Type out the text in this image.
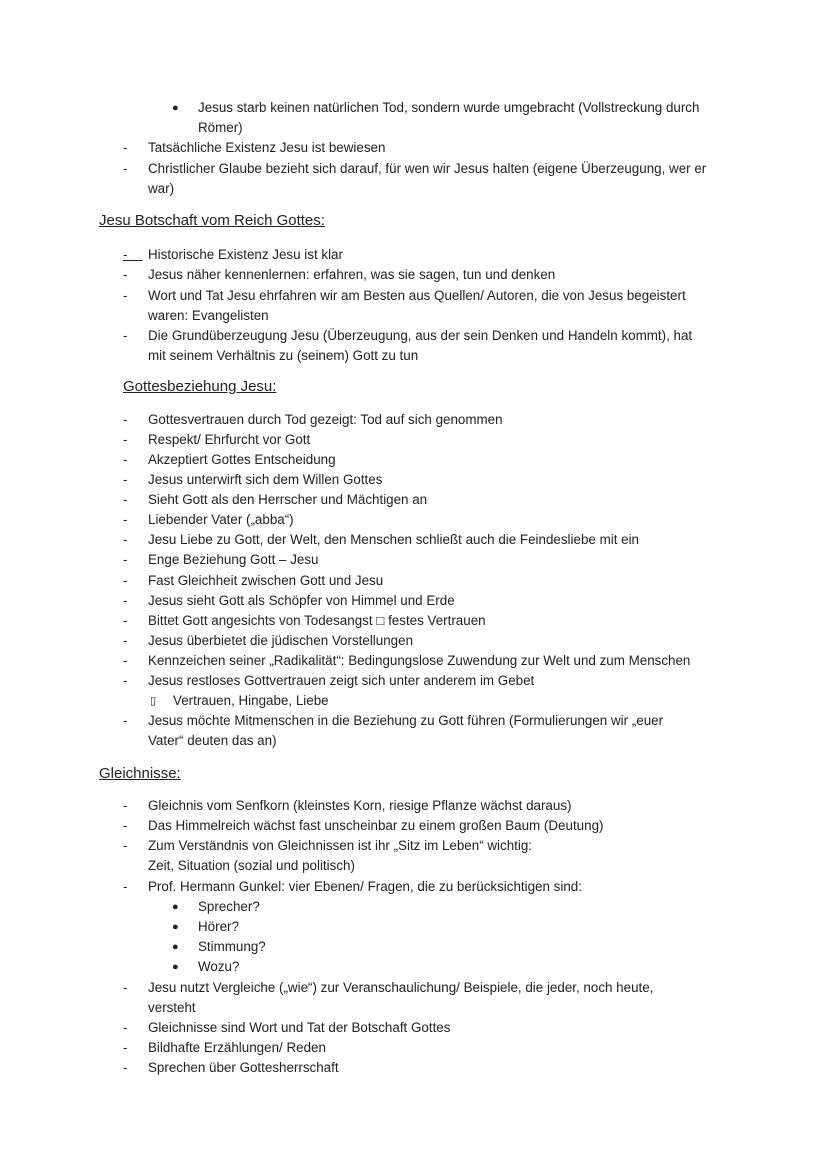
● Jesus starb keinen natürlichen Tod, sondern wurde umgebracht (Vollstreckung durch
Römer)
- Tatsächliche Existenz Jesu ist bewiesen
- Christlicher Glaube bezieht sich darauf, für wen wir Jesus halten (eigene Überzeugung, wer er
war)
Jesu Botschaft vom Reich Gottes:
-	Historische Existenz Jesu ist klar
- Jesus näher kennenlernen: erfahren, was sie sagen, tun und denken
- Wort und Tat Jesu ehrfahren wir am Besten aus Quellen/ Autoren, die von Jesus begeistert
waren: Evangelisten
- Die Grundüberzeugung Jesu (Überzeugung, aus der sein Denken und Handeln kommt), hat
mit seinem Verhältnis zu (seinem) Gott zu tun
Gottesbeziehung Jesu:
- Gottesvertrauen durch Tod gezeigt: Tod auf sich genommen
- Respekt/ Ehrfurcht vor Gott
- Akzeptiert Gottes Entscheidung
- Jesus unterwirft sich dem Willen Gottes
- Sieht Gott als den Herrscher und Mächtigen an
- Liebender Vater („abba“)
- Jesu Liebe zu Gott, der Welt, den Menschen schließt auch die Feindesliebe mit ein
- Enge Beziehung Gott – Jesu
- Fast Gleichheit zwischen Gott und Jesu
- Jesus sieht Gott als Schöpfer von Himmel und Erde
- Bittet Gott angesichts von Todesangst □ festes Vertrauen
- Jesus überbietet die jüdischen Vorstellungen
- Kennzeichen seiner „Radikalität“: Bedingungslose Zuwendung zur Welt und zum Menschen
- Jesus restloses Gottvertrauen zeigt sich unter anderem im Gebet
▯ Vertrauen, Hingabe, Liebe
- Jesus möchte Mitmenschen in die Beziehung zu Gott führen (Formulierungen wir „euer
Vater“ deuten das an)
Gleichnisse:
- Gleichnis vom Senfkorn (kleinstes Korn, riesige Pflanze wächst daraus)
- Das Himmelreich wächst fast unscheinbar zu einem großen Baum (Deutung)
- Zum Verständnis von Gleichnissen ist ihr „Sitz im Leben“ wichtig:
Zeit, Situation (sozial und politisch)
- Prof. Hermann Gunkel: vier Ebenen/ Fragen, die zu berücksichtigen sind:
● Sprecher?
● Hörer?
● Stimmung?
● Wozu?
- Jesu nutzt Vergleiche („wie“) zur Veranschaulichung/ Beispiele, die jeder, noch heute,
versteht
- Gleichnisse sind Wort und Tat der Botschaft Gottes
- Bildhafte Erzählungen/ Reden
- Sprechen über Gottesherrschaft
